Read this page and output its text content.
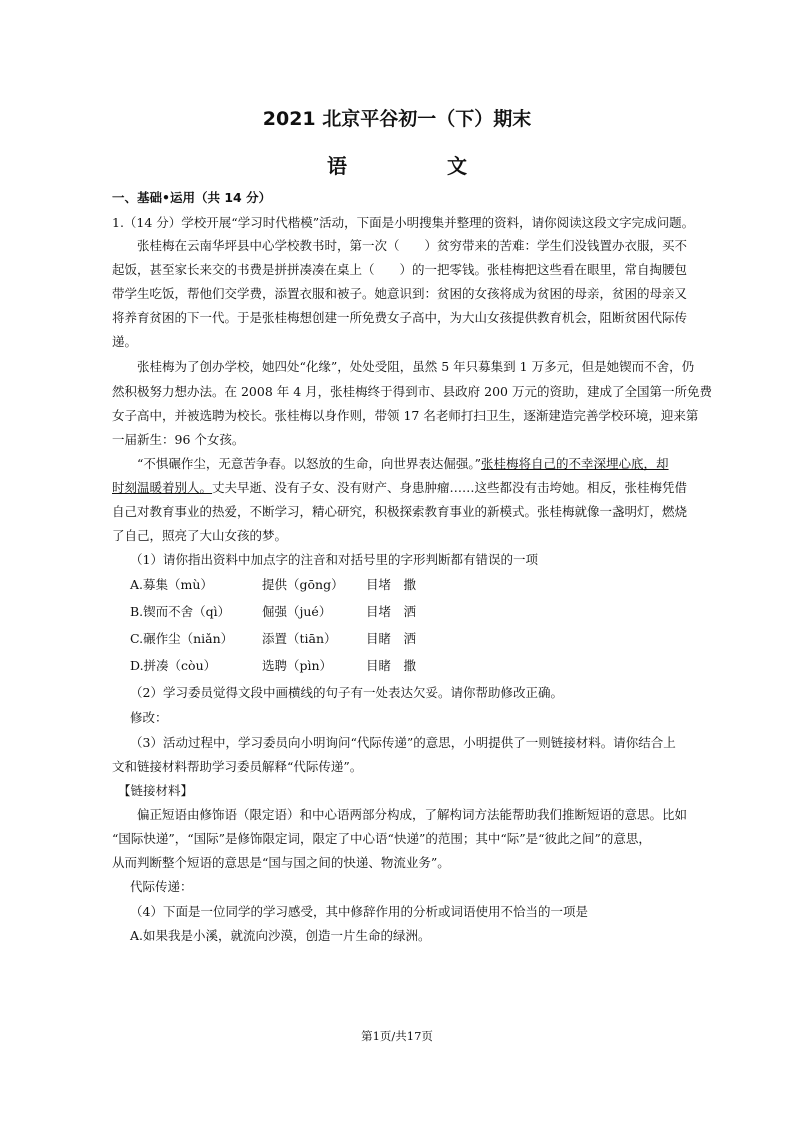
2021 北京平谷初一（下）期末
语　文
一、基础•运用（共 14 分）
1.（14 分）学校开展“学习时代楷模”活动，下面是小明搜集并整理的资料，请你阅读这段文字完成问题。
张桂梅在云南华坪县中心学校教书时，第一次（　　）贫穷带来的苦难：学生们没钱置办衣服，买不
起饭，甚至家长来交的书费是拼拼凑凑在桌上（　　）的一把零钱。张桂梅把这些看在眼里，常自掏腰包
带学生吃饭，帮他们交学费，添置衣服和被子。她意识到：贫困的女孩将成为贫困的母亲，贫困的母亲又
将养育贫困的下一代。于是张桂梅想创建一所免费女子高中，为大山女孩提供教育机会，阻断贫困代际传
递。
张桂梅为了创办学校，她四处“化缘”，处处受阻，虽然 5 年只募集到 1 万多元，但是她锲而不舍，仍
然积极努力想办法。在 2008 年 4 月，张桂梅终于得到市、县政府 200 万元的资助，建成了全国第一所免费
女子高中，并被选聘为校长。张桂梅以身作则，带领 17 名老师打扫卫生，逐渐建造完善学校环境，迎来第
一届新生：96 个女孩。
“不惧碾作尘，无意苦争春。以怒放的生命，向世界表达倔强。”张桂梅将自己的不幸深埋心底，却
时刻温暖着别人。丈夫早逝、没有子女、没有财产、身患肿瘤……这些都没有击垮她。相反，张桂梅凭借
自己对教育事业的热爱，不断学习，精心研究，积极探索教育事业的新模式。张桂梅就像一盏明灯，燃烧
了自己，照亮了大山女孩的梦。
（1）请你指出资料中加点字的注音和对括号里的字形判断都有错误的一项
A.募集（mù）	提供（gōng） 目堵　撒
B.锲而不舍（qì）	倔强（jué）	目堵　洒
C.碾作尘（niǎn） 添置（tiān） 目睹　洒
D.拼凑（còu）	选聘（pìn）	目睹　撒
（2）学习委员觉得文段中画横线的句子有一处表达欠妥。请你帮助修改正确。
修改：
（3）活动过程中，学习委员向小明询问“代际传递”的意思，小明提供了一则链接材料。请你结合上
文和链接材料帮助学习委员解释“代际传递”。
【链接材料】
偏正短语由修饰语（限定语）和中心语两部分构成，了解构词方法能帮助我们推断短语的意思。比如
“国际快递”，“国际”是修饰限定词，限定了中心语“快递”的范围；其中“际”是“彼此之间”的意思，
从而判断整个短语的意思是“国与国之间的快递、物流业务”。
代际传递：
（4）下面是一位同学的学习感受，其中修辞作用的分析或词语使用不恰当的一项是
A.如果我是小溪，就流向沙漠，创造一片生命的绿洲。
第1页/共17页
